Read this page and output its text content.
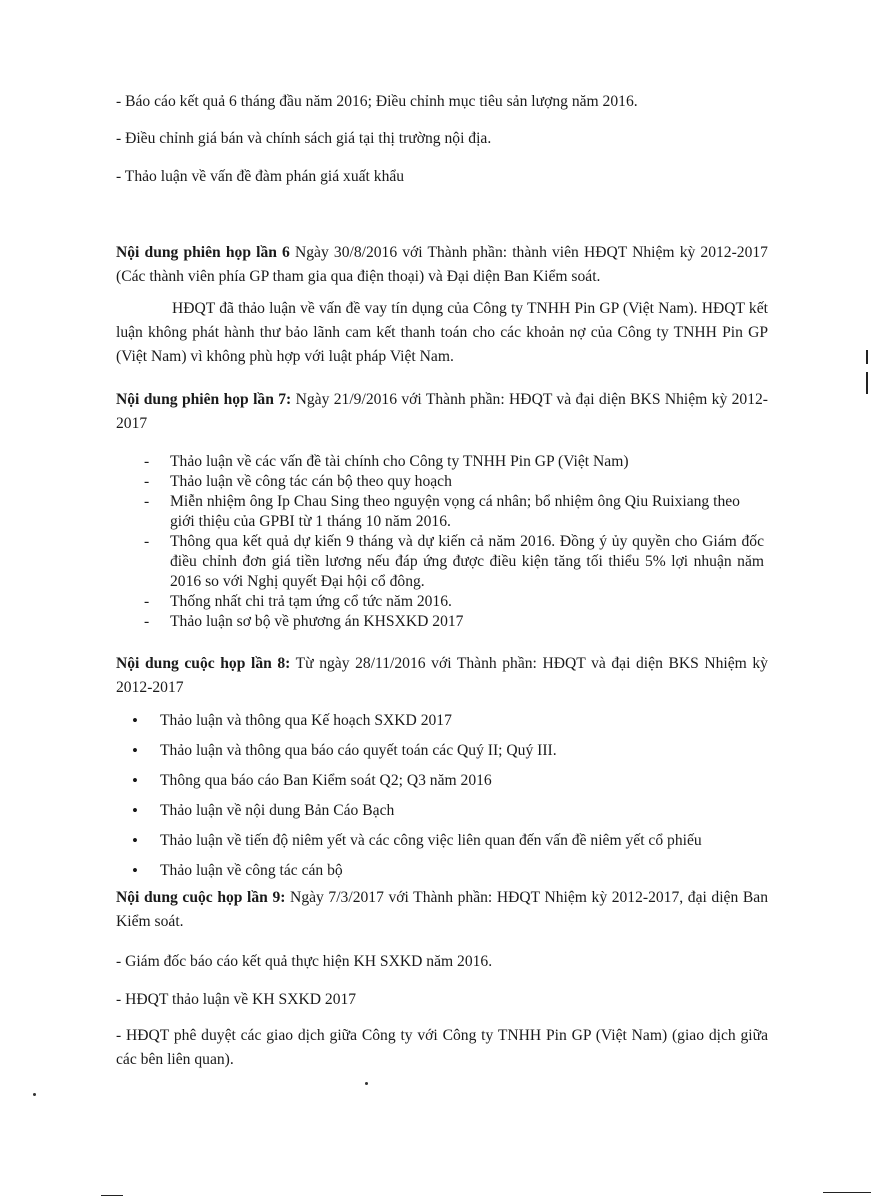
- Báo cáo kết quả 6 tháng đầu năm 2016; Điều chỉnh mục tiêu sản lượng năm 2016.

- Điều chỉnh giá bán và chính sách giá tại thị trường nội địa.

- Thảo luận về vấn đề đàm phán giá xuất khẩu

Nội dung phiên họp lần 6 Ngày 30/8/2016 với Thành phần: thành viên HĐQT Nhiệm kỳ 2012-2017 (Các thành viên phía GP tham gia qua điện thoại) và Đại diện Ban Kiểm soát.

HĐQT đã thảo luận về vấn đề vay tín dụng của Công ty TNHH Pin GP (Việt Nam). HĐQT kết luận không phát hành thư bảo lãnh cam kết thanh toán cho các khoản nợ của Công ty TNHH Pin GP (Việt Nam) vì không phù hợp với luật pháp Việt Nam.

Nội dung phiên họp lần 7: Ngày 21/9/2016 với Thành phần: HĐQT và đại diện BKS Nhiệm kỳ 2012-2017

- Thảo luận về các vấn đề tài chính cho Công ty TNHH Pin GP (Việt Nam)
- Thảo luận về công tác cán bộ theo quy hoạch
- Miễn nhiệm ông Ip Chau Sing theo nguyện vọng cá nhân; bổ nhiệm ông Qiu Ruixiang theo giới thiệu của GPBI từ 1 tháng 10 năm 2016.
- Thông qua kết quả dự kiến 9 tháng và dự kiến cả năm 2016. Đồng ý ủy quyền cho Giám đốc điều chỉnh đơn giá tiền lương nếu đáp ứng được điều kiện tăng tối thiểu 5% lợi nhuận năm 2016 so với Nghị quyết Đại hội cổ đông.
- Thống nhất chi trả tạm ứng cổ tức năm 2016.
- Thảo luận sơ bộ về phương án KHSXKD 2017

Nội dung cuộc họp lần 8: Từ ngày 28/11/2016 với Thành phần: HĐQT và đại diện BKS Nhiệm kỳ 2012-2017

• Thảo luận và thông qua Kế hoạch SXKD 2017
• Thảo luận và thông qua báo cáo quyết toán các Quý II; Quý III.
• Thông qua báo cáo Ban Kiểm soát Q2; Q3 năm 2016
• Thảo luận về nội dung Bản Cáo Bạch
• Thảo luận về tiến độ niêm yết và các công việc liên quan đến vấn đề niêm yết cổ phiếu
• Thảo luận về công tác cán bộ

Nội dung cuộc họp lần 9: Ngày 7/3/2017 với Thành phần: HĐQT Nhiệm kỳ 2012-2017, đại diện Ban Kiểm soát.

- Giám đốc báo cáo kết quả thực hiện KH SXKD năm 2016.

- HĐQT thảo luận về KH SXKD 2017

- HĐQT phê duyệt các giao dịch giữa Công ty với Công ty TNHH Pin GP (Việt Nam) (giao dịch giữa các bên liên quan).
